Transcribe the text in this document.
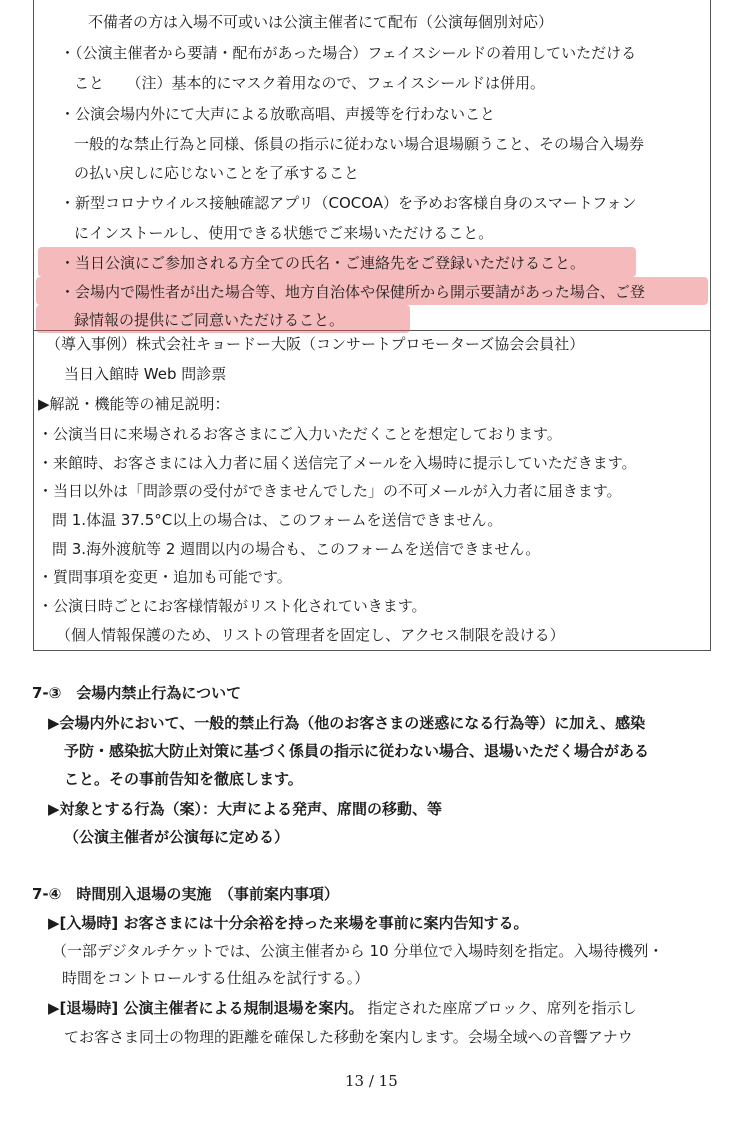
不備者の方は入場不可或いは公演主催者にて配布（公演毎個別対応）
・（公演主催者から要請・配布があった場合）フェイスシールドの着用していただける
こと　　（注）基本的にマスク着用なので、フェイスシールドは併用。
・公演会場内外にて大声による放歌高唱、声援等を行わないこと
一般的な禁止行為と同様、係員の指示に従わない場合退場願うこと、その場合入場券
の払い戻しに応じないことを了承すること
・新型コロナウイルス接触確認アプリ（COCOA）を予めお客様自身のスマートフォン
にインストールし、使用できる状態でご来場いただけること。
・当日公演にご参加される方全ての氏名・ご連絡先をご登録いただけること。
・会場内で陽性者が出た場合等、地方自治体や保健所から開示要請があった場合、ご登
録情報の提供にご同意いただけること。
（導入事例）株式会社キョードー大阪（コンサートプロモーターズ協会会員社）
当日入館時 Web 問診票
▶解説・機能等の補足説明：
・公演当日に来場されるお客さまにご入力いただくことを想定しております。
・来館時、お客さまには入力者に届く送信完了メールを入場時に提示していただきます。
・当日以外は「問診票の受付ができませんでした」の不可メールが入力者に届きます。
問 1.体温 37.5°C以上の場合は、このフォームを送信できません。
問 3.海外渡航等 2 週間以内の場合も、このフォームを送信できません。
・質問事項を変更・追加も可能です。
・公演日時ごとにお客様情報がリスト化されていきます。
（個人情報保護のため、リストの管理者を固定し、アクセス制限を設ける）
7-③　会場内禁止行為について
▶会場内外において、一般的禁止行為（他のお客さまの迷惑になる行為等）に加え、感染
予防・感染拡大防止対策に基づく係員の指示に従わない場合、退場いただく場合がある
こと。その事前告知を徹底します。
▶対象とする行為（案）：大声による発声、席間の移動、等
（公演主催者が公演毎に定める）
7-④　時間別入退場の実施　（事前案内事項）
▶[入場時] お客さまには十分余裕を持った来場を事前に案内告知する。
（一部デジタルチケットでは、公演主催者から 10 分単位で入場時刻を指定。入場待機列・
時間をコントロールする仕組みを試行する。）
▶[退場時] 公演主催者による規制退場を案内。 指定された座席ブロック、席列を指示し
てお客さま同士の物理的距離を確保した移動を案内します。会場全域への音響アナウ
13 / 15
